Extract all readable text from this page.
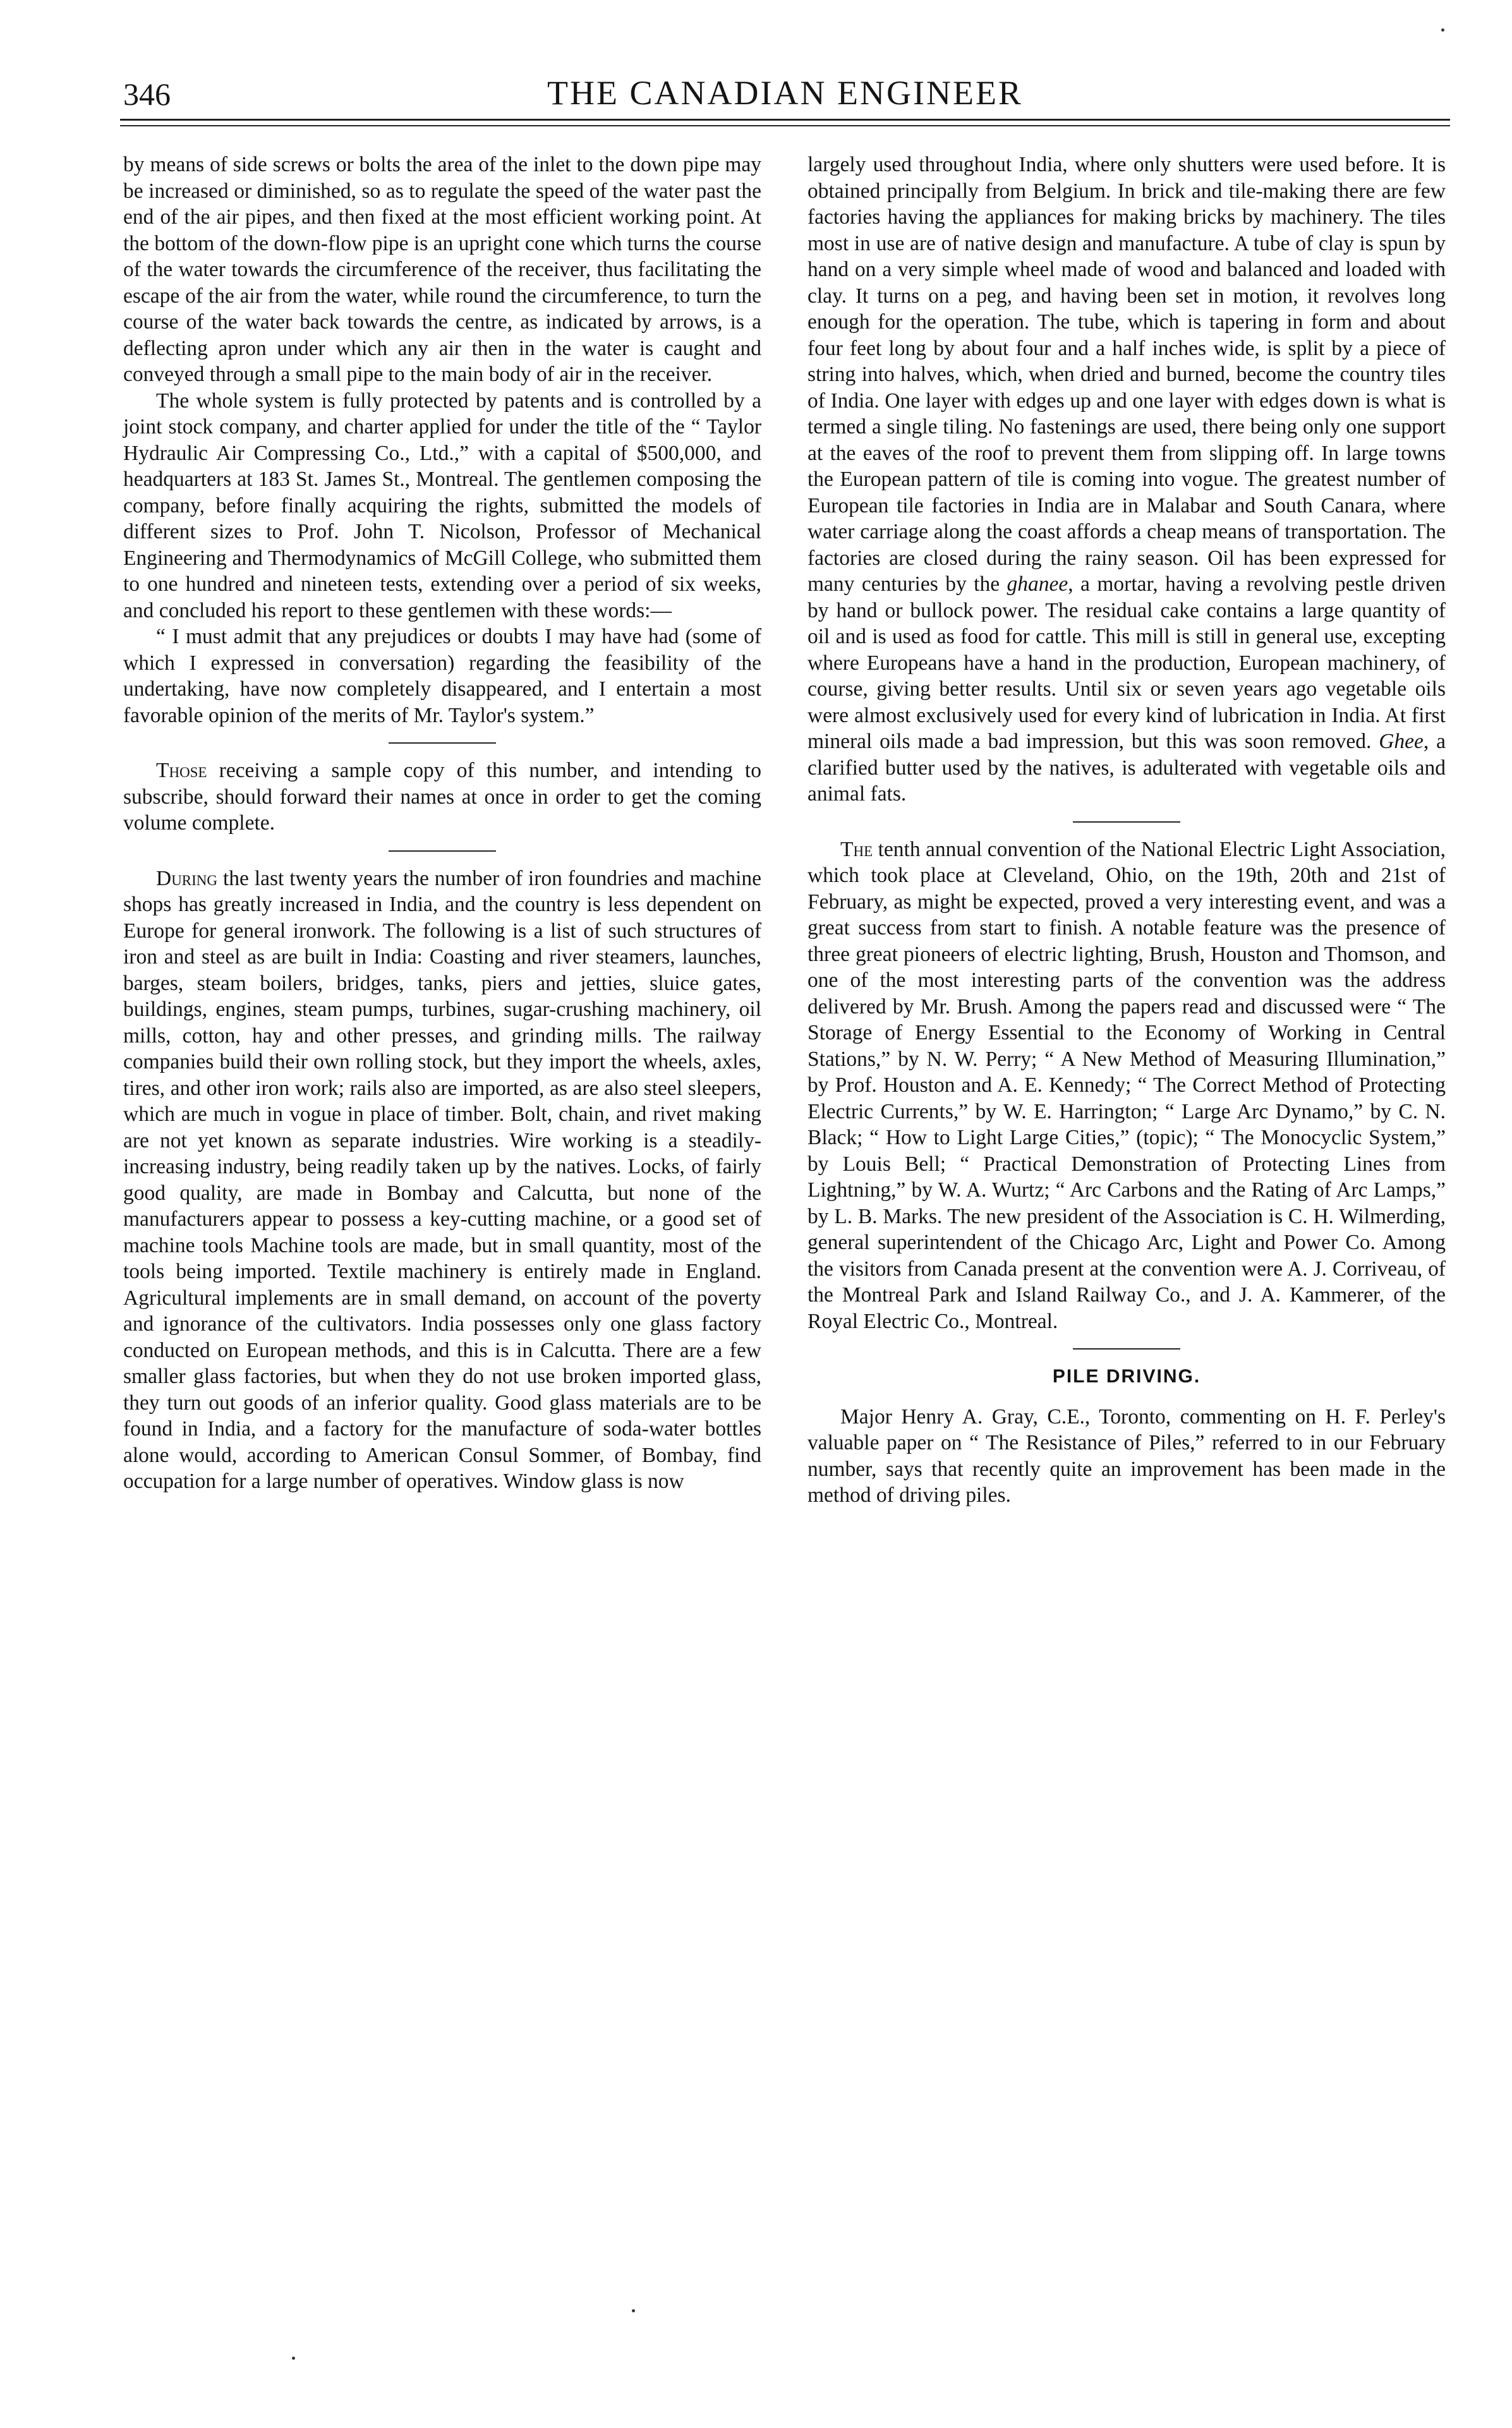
346	THE CANADIAN ENGINEER

by means of side screws or bolts the area of the inlet to the down pipe may be increased or diminished, so as to regulate the speed of the water past the end of the air pipes, and then fixed at the most efficient working point. At the bottom of the down-flow pipe is an upright cone which turns the course of the water towards the circumference of the receiver, thus facilitating the escape of the air from the water, while round the circumference, to turn the course of the water back towards the centre, as indicated by arrows, is a deflecting apron under which any air then in the water is caught and conveyed through a small pipe to the main body of air in the receiver.

The whole system is fully protected by patents and is controlled by a joint stock company, and charter applied for under the title of the “ Taylor Hydraulic Air Compressing Co., Ltd.,” with a capital of $500,000, and headquarters at 183 St. James St., Montreal. The gentlemen composing the company, before finally acquiring the rights, submitted the models of different sizes to Prof. John T. Nicolson, Professor of Mechanical Engineering and Thermodynamics of McGill College, who submitted them to one hundred and nineteen tests, extending over a period of six weeks, and concluded his report to these gentlemen with these words:—

“ I must admit that any prejudices or doubts I may have had (some of which I expressed in conversation) regarding the feasibility of the undertaking, have now completely disappeared, and I entertain a most favorable opinion of the merits of Mr. Taylor's system.”

Those receiving a sample copy of this number, and intending to subscribe, should forward their names at once in order to get the coming volume complete.

During the last twenty years the number of iron foundries and machine shops has greatly increased in India, and the country is less dependent on Europe for general ironwork. The following is a list of such structures of iron and steel as are built in India: Coasting and river steamers, launches, barges, steam boilers, bridges, tanks, piers and jetties, sluice gates, buildings, engines, steam pumps, turbines, sugar-crushing machinery, oil mills, cotton, hay and other presses, and grinding mills. The railway companies build their own rolling stock, but they import the wheels, axles, tires, and other iron work; rails also are imported, as are also steel sleepers, which are much in vogue in place of timber. Bolt, chain, and rivet making are not yet known as separate industries. Wire working is a steadily-increasing industry, being readily taken up by the natives. Locks, of fairly good quality, are made in Bombay and Calcutta, but none of the manufacturers appear to possess a key-cutting machine, or a good set of machine tools Machine tools are made, but in small quantity, most of the tools being imported. Textile machinery is entirely made in England. Agricultural implements are in small demand, on account of the poverty and ignorance of the cultivators. India possesses only one glass factory conducted on European methods, and this is in Calcutta. There are a few smaller glass factories, but when they do not use broken imported glass, they turn out goods of an inferior quality. Good glass materials are to be found in India, and a factory for the manufacture of soda-water bottles alone would, according to American Consul Sommer, of Bombay, find occupation for a large number of operatives. Window glass is now

largely used throughout India, where only shutters were used before. It is obtained principally from Belgium. In brick and tile-making there are few factories having the appliances for making bricks by machinery. The tiles most in use are of native design and manufacture. A tube of clay is spun by hand on a very simple wheel made of wood and balanced and loaded with clay. It turns on a peg, and having been set in motion, it revolves long enough for the operation. The tube, which is tapering in form and about four feet long by about four and a half inches wide, is split by a piece of string into halves, which, when dried and burned, become the country tiles of India. One layer with edges up and one layer with edges down is what is termed a single tiling. No fastenings are used, there being only one support at the eaves of the roof to prevent them from slipping off. In large towns the European pattern of tile is coming into vogue. The greatest number of European tile factories in India are in Malabar and South Canara, where water carriage along the coast affords a cheap means of transportation. The factories are closed during the rainy season. Oil has been expressed for many centuries by the ghanee, a mortar, having a revolving pestle driven by hand or bullock power. The residual cake contains a large quantity of oil and is used as food for cattle. This mill is still in general use, excepting where Europeans have a hand in the production, European machinery, of course, giving better results. Until six or seven years ago vegetable oils were almost exclusively used for every kind of lubrication in India. At first mineral oils made a bad impression, but this was soon removed. Ghee, a clarified butter used by the natives, is adulterated with vegetable oils and animal fats.

The tenth annual convention of the National Electric Light Association, which took place at Cleveland, Ohio, on the 19th, 20th and 21st of February, as might be expected, proved a very interesting event, and was a great success from start to finish. A notable feature was the presence of three great pioneers of electric lighting, Brush, Houston and Thomson, and one of the most interesting parts of the convention was the address delivered by Mr. Brush. Among the papers read and discussed were “ The Storage of Energy Essential to the Economy of Working in Central Stations,” by N. W. Perry; “ A New Method of Measuring Illumination,” by Prof. Houston and A. E. Kennedy; “ The Correct Method of Protecting Electric Currents,” by W. E. Harrington; “ Large Arc Dynamo,” by C. N. Black; “ How to Light Large Cities,” (topic); “ The Monocyclic System,” by Louis Bell; “ Practical Demonstration of Protecting Lines from Lightning,” by W. A. Wurtz; “ Arc Carbons and the Rating of Arc Lamps,” by L. B. Marks. The new president of the Association is C. H. Wilmerding, general superintendent of the Chicago Arc, Light and Power Co. Among the visitors from Canada present at the convention were A. J. Corriveau, of the Montreal Park and Island Railway Co., and J. A. Kammerer, of the Royal Electric Co., Montreal.

PILE DRIVING.

Major Henry A. Gray, C.E., Toronto, commenting on H. F. Perley's valuable paper on “ The Resistance of Piles,” referred to in our February number, says that recently quite an improvement has been made in the method of driving piles.
